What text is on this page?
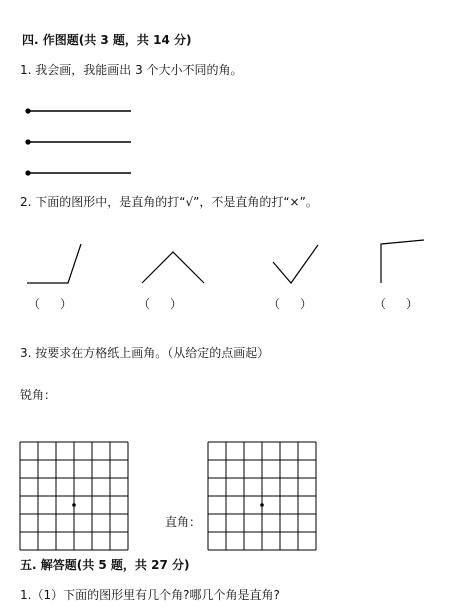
四. 作图题(共 3 题，共 14 分)
1. 我会画，我能画出 3 个大小不同的角。
2. 下面的图形中，是直角的打“√”，不是直角的打“×”。
（ ）	（ ）	（ ）	（ ）
3. 按要求在方格纸上画角。（从给定的点画起）
锐角：
直角：
五. 解答题(共 5 题，共 27 分)
1.（1）下面的图形里有几个角?哪几个角是直角?
